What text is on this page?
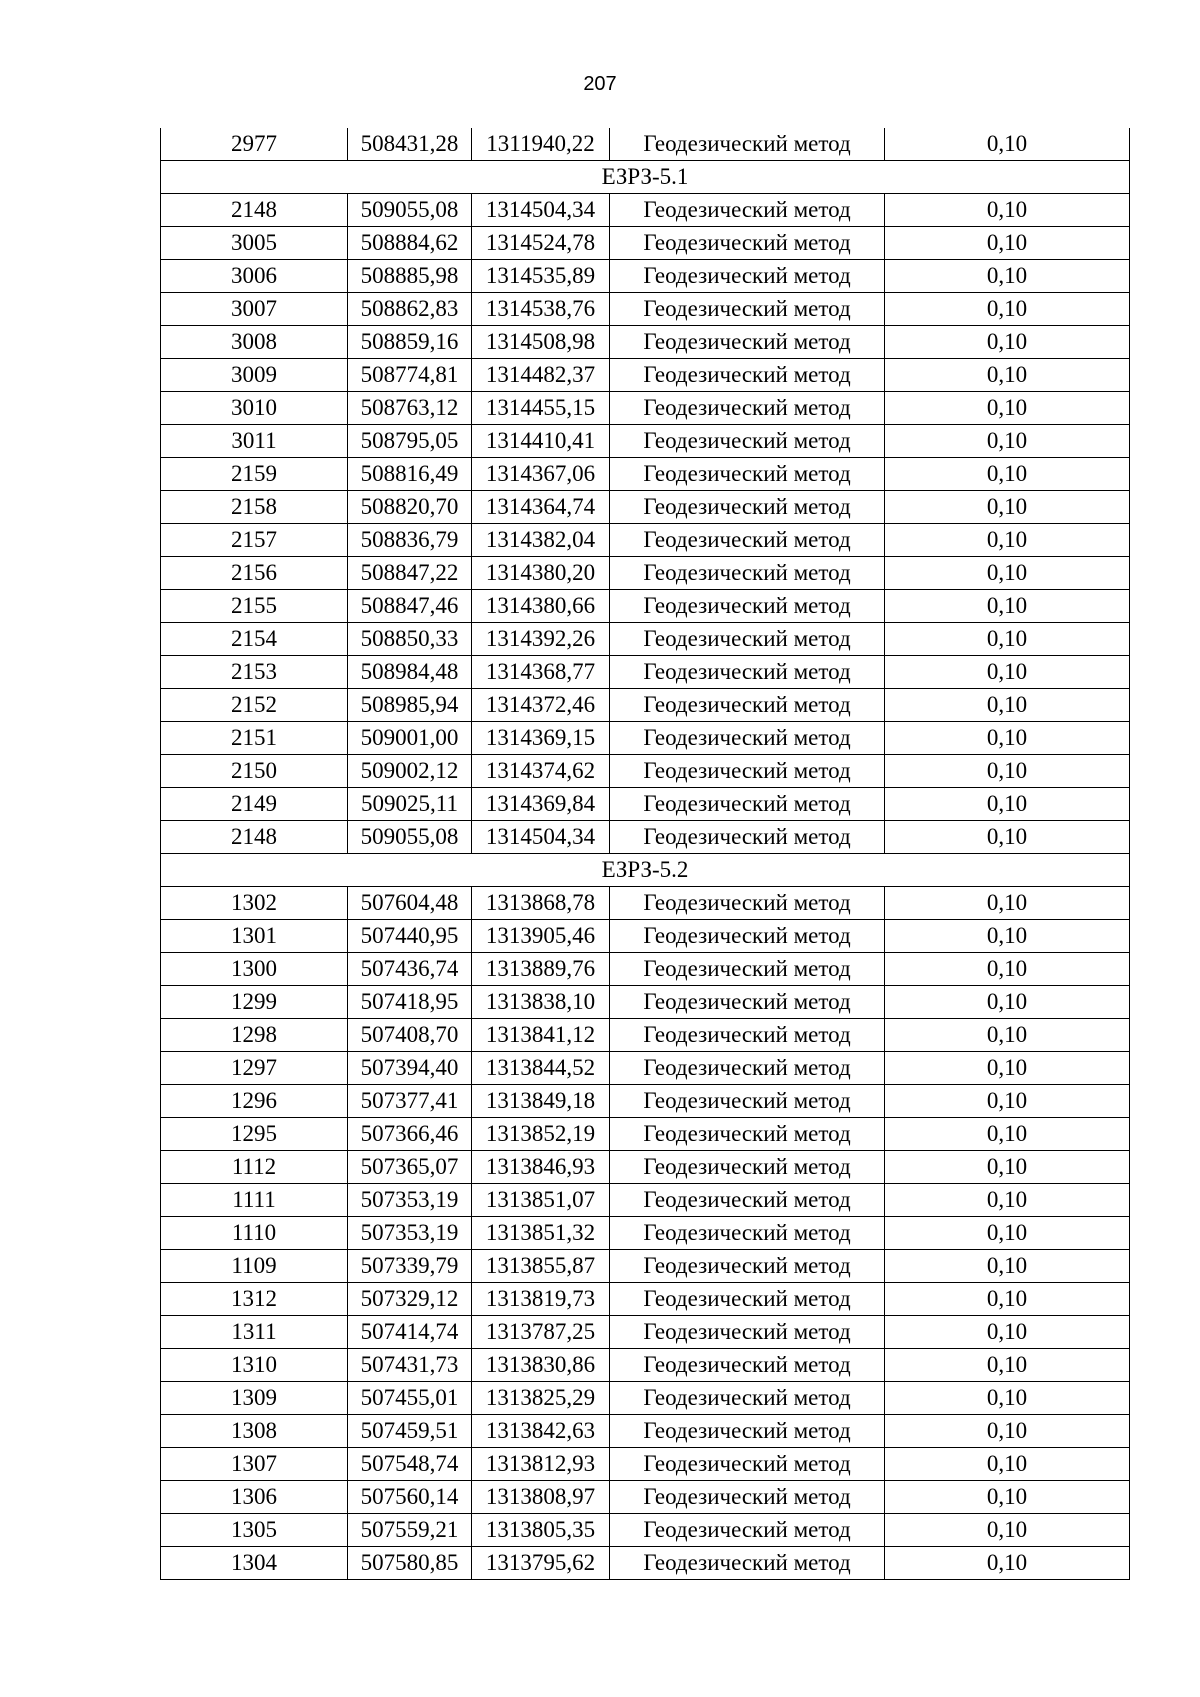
207
2977	508431,28	1311940,22	Геодезический метод	0,10
ЕЗРЗ-5.1				
2148	509055,08	1314504,34	Геодезический метод	0,10
3005	508884,62	1314524,78	Геодезический метод	0,10
3006	508885,98	1314535,89	Геодезический метод	0,10
3007	508862,83	1314538,76	Геодезический метод	0,10
3008	508859,16	1314508,98	Геодезический метод	0,10
3009	508774,81	1314482,37	Геодезический метод	0,10
3010	508763,12	1314455,15	Геодезический метод	0,10
3011	508795,05	1314410,41	Геодезический метод	0,10
2159	508816,49	1314367,06	Геодезический метод	0,10
2158	508820,70	1314364,74	Геодезический метод	0,10
2157	508836,79	1314382,04	Геодезический метод	0,10
2156	508847,22	1314380,20	Геодезический метод	0,10
2155	508847,46	1314380,66	Геодезический метод	0,10
2154	508850,33	1314392,26	Геодезический метод	0,10
2153	508984,48	1314368,77	Геодезический метод	0,10
2152	508985,94	1314372,46	Геодезический метод	0,10
2151	509001,00	1314369,15	Геодезический метод	0,10
2150	509002,12	1314374,62	Геодезический метод	0,10
2149	509025,11	1314369,84	Геодезический метод	0,10
2148	509055,08	1314504,34	Геодезический метод	0,10
ЕЗРЗ-5.2				
1302	507604,48	1313868,78	Геодезический метод	0,10
1301	507440,95	1313905,46	Геодезический метод	0,10
1300	507436,74	1313889,76	Геодезический метод	0,10
1299	507418,95	1313838,10	Геодезический метод	0,10
1298	507408,70	1313841,12	Геодезический метод	0,10
1297	507394,40	1313844,52	Геодезический метод	0,10
1296	507377,41	1313849,18	Геодезический метод	0,10
1295	507366,46	1313852,19	Геодезический метод	0,10
1112	507365,07	1313846,93	Геодезический метод	0,10
1111	507353,19	1313851,07	Геодезический метод	0,10
1110	507353,19	1313851,32	Геодезический метод	0,10
1109	507339,79	1313855,87	Геодезический метод	0,10
1312	507329,12	1313819,73	Геодезический метод	0,10
1311	507414,74	1313787,25	Геодезический метод	0,10
1310	507431,73	1313830,86	Геодезический метод	0,10
1309	507455,01	1313825,29	Геодезический метод	0,10
1308	507459,51	1313842,63	Геодезический метод	0,10
1307	507548,74	1313812,93	Геодезический метод	0,10
1306	507560,14	1313808,97	Геодезический метод	0,10
1305	507559,21	1313805,35	Геодезический метод	0,10
1304	507580,85	1313795,62	Геодезический метод	0,10
